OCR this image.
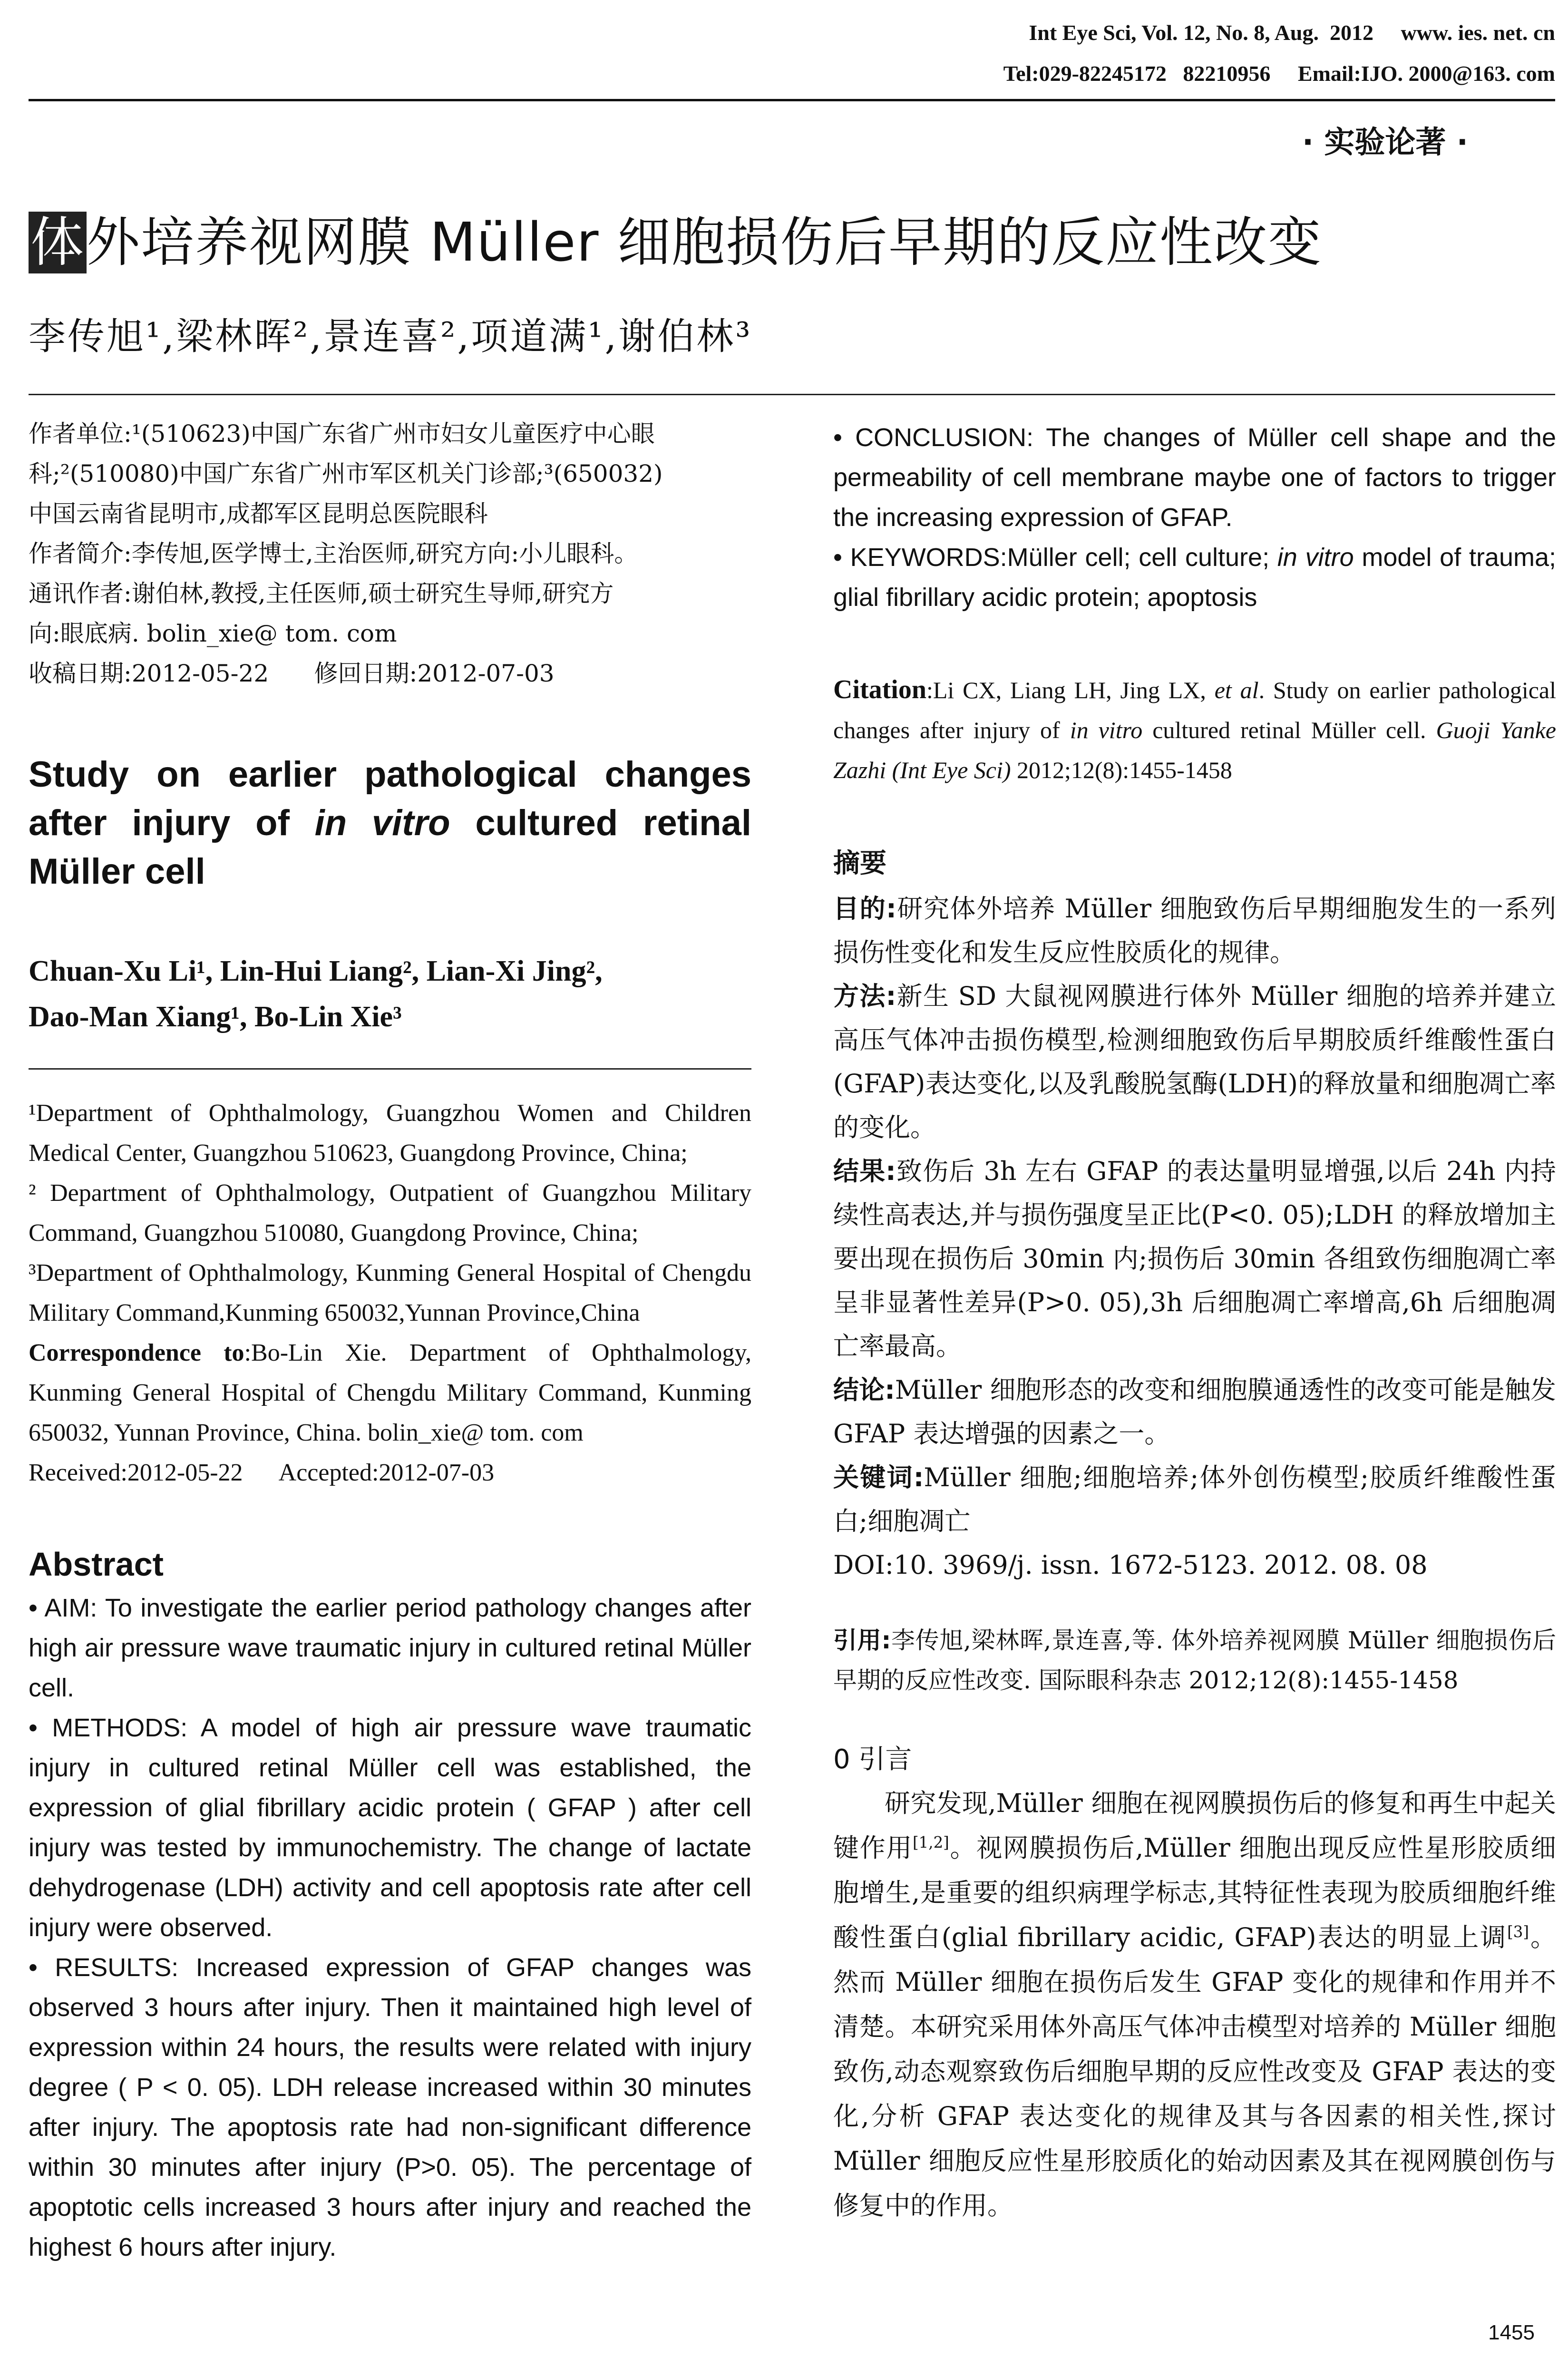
Int Eye Sci, Vol. 12, No. 8, Aug.  2012     www. ies. net. cn
Tel:029-82245172   82210956     Email:IJO. 2000@163. com
· 实验论著 ·
体外培养视网膜 Müller 细胞损伤后早期的反应性改变
李传旭¹,梁林晖²,景连喜²,项道满¹,谢伯林³

作者单位:¹(510623)中国广东省广州市妇女儿童医疗中心眼

科;²(510080)中国广东省广州市军区机关门诊部;³(650032)

中国云南省昆明市,成都军区昆明总医院眼科

作者简介:李传旭,医学博士,主治医师,研究方向:小儿眼科。

通讯作者:谢伯林,教授,主任医师,硕士研究生导师,研究方

向:眼底病. bolin_xie@ tom. com

收稿日期:2012-05-22      修回日期:2012-07-03

Study on earlier pathological changes after injury of in vitro cultured retinal Müller cell
Chuan-Xu Li¹, Lin-Hui Liang², Lian-Xi Jing²,
Dao-Man Xiang¹, Bo-Lin Xie³

¹Department of Ophthalmology, Guangzhou Women and Children Medical Center, Guangzhou 510623, Guangdong Province, China;

² Department of Ophthalmology, Outpatient of Guangzhou Military Command, Guangzhou 510080, Guangdong Province, China;

³Department of Ophthalmology, Kunming General Hospital of Chengdu Military Command,Kunming 650032,Yunnan Province,China

Correspondence to:Bo-Lin Xie. Department of Ophthalmology, Kunming General Hospital of Chengdu Military Command, Kunming 650032, Yunnan Province, China. bolin_xie@ tom. com

Received:2012-05-22      Accepted:2012-07-03

Abstract

• AIM: To investigate the earlier period pathology changes after high air pressure wave traumatic injury in cultured retinal Müller cell.

• METHODS: A model of high air pressure wave traumatic injury in cultured retinal Müller cell was established, the expression of glial fibrillary acidic protein ( GFAP ) after cell injury was tested by immunochemistry. The change of lactate dehydrogenase (LDH) activity and cell apoptosis rate after cell injury were observed.

• RESULTS: Increased expression of GFAP changes was observed 3 hours after injury. Then it maintained high level of expression within 24 hours, the results were related with injury degree ( P < 0. 05). LDH release increased within 30 minutes after injury. The apoptosis rate had non-significant difference within 30 minutes after injury (P>0. 05). The percentage of apoptotic cells increased 3 hours after injury and reached the highest 6 hours after injury.

• CONCLUSION: The changes of Müller cell shape and the permeability of cell membrane maybe one of factors to trigger the increasing expression of GFAP.

• KEYWORDS:Müller cell; cell culture; in vitro model of trauma; glial fibrillary acidic protein; apoptosis

Citation:Li CX, Liang LH, Jing LX, et al. Study on earlier pathological changes after injury of in vitro cultured retinal Müller cell. Guoji Yanke Zazhi (Int Eye Sci) 2012;12(8):1455-1458
摘要

目的:研究体外培养 Müller 细胞致伤后早期细胞发生的一系列损伤性变化和发生反应性胶质化的规律。

方法:新生 SD 大鼠视网膜进行体外 Müller 细胞的培养并建立高压气体冲击损伤模型,检测细胞致伤后早期胶质纤维酸性蛋白(GFAP)表达变化,以及乳酸脱氢酶(LDH)的释放量和细胞凋亡率的变化。

结果:致伤后 3h 左右 GFAP 的表达量明显增强,以后 24h 内持续性高表达,并与损伤强度呈正比(P<0. 05);LDH 的释放增加主要出现在损伤后 30min 内;损伤后 30min 各组致伤细胞凋亡率呈非显著性差异(P>0. 05),3h 后细胞凋亡率增高,6h 后细胞凋亡率最高。

结论:Müller 细胞形态的改变和细胞膜通透性的改变可能是触发 GFAP 表达增强的因素之一。

关键词:Müller 细胞;细胞培养;体外创伤模型;胶质纤维酸性蛋白;细胞凋亡

DOI:10. 3969/j. issn. 1672-5123. 2012. 08. 08

引用:李传旭,梁林晖,景连喜,等. 体外培养视网膜 Müller 细胞损伤后早期的反应性改变. 国际眼科杂志 2012;12(8):1455-1458
0 引言

研究发现,Müller 细胞在视网膜损伤后的修复和再生中起关键作用[1,2]。视网膜损伤后,Müller 细胞出现反应性星形胶质细胞增生,是重要的组织病理学标志,其特征性表现为胶质细胞纤维酸性蛋白(glial fibrillary acidic, GFAP)表达的明显上调[3]。然而 Müller 细胞在损伤后发生 GFAP 变化的规律和作用并不清楚。本研究采用体外高压气体冲击模型对培养的 Müller 细胞致伤,动态观察致伤后细胞早期的反应性改变及 GFAP 表达的变化,分析 GFAP 表达变化的规律及其与各因素的相关性,探讨 Müller 细胞反应性星形胶质化的始动因素及其在视网膜创伤与修复中的作用。

1455
